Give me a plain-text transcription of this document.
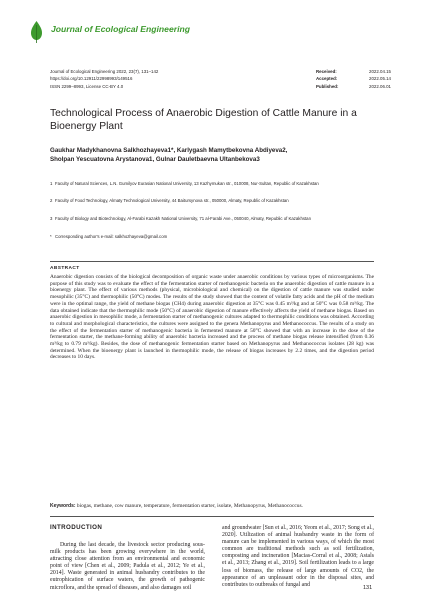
Journal of Ecological Engineering
Journal of Ecological Engineering 2022, 23(7), 131–142
https://doi.org/10.12911/22998993/149516
ISSN 2299–8993, License CC-BY 4.0
Received:	2022.04.15
Accepted:	2022.05.14
Published:	2022.06.01
Technological Process of Anaerobic Digestion of Cattle Manure in a Bioenergy Plant
Gaukhar Madykhanovna Salkhozhayeva1*, Karlygash Mamytbekovna Abdiyeva2,
Sholpan Yescuatovna Arystanova1, Gulnar Dauletbaevna Ultanbekova3
1 Faculty of Natural Sciences, L.N. Gumilyov Eurasian National University, 13 Kazhymukan str., 010008, Nur-Sultan, Republic of Kazakhstan
2 Faculty of Food Technology, Almaty Technological University, 44 Baitursynova str., 050000, Almaty, Republic of Kazakhstan
3 Faculty of Biology and Biotechnology, Al-Farabi Kazakh National University, 71 al-Farabi Ave., 050040, Almaty, Republic of Kazakhstan
* Corresponding author's e-mail: salkhozhayeva@gmail.com
ABSTRACT
Anaerobic digestion consists of the biological decomposition of organic waste under anaerobic conditions by various types of microorganisms. The purpose of this study was to evaluate the effect of the fermentation starter of methanogenic bacteria on the anaerobic digestion of cattle manure in a bioenergy plant. The effect of various methods (physical, microbiological and chemical) on the digestion of cattle manure was studied under mesophilic (35°C) and thermophilic (50°C) modes. The results of the study showed that the content of volatile fatty acids and the pH of the medium were in the optimal range, the yield of methane biogas (CH4) during anaerobic digestion at 35°C was 0.45 m³/kg and at 50°C was 0.58 m³/kg. The data obtained indicate that the thermophilic mode (50°C) of anaerobic digestion of manure effectively affects the yield of methane biogas. Based on anaerobic digestion in mesophilic mode, a fermentation starter of methanogenic cultures adapted to thermophilic conditions was obtained. According to cultural and morphological characteristics, the cultures were assigned to the genera Methanopyrus and Methanococcus. The results of a study on the effect of the fermentation starter of methanogenic bacteria in fermented manure at 50°C showed that with an increase in the dose of the fermentation starter, the methane-forming ability of anaerobic bacteria increased and the process of methane biogas release intensified (from 0.36 m³/kg to 0.79 m³/kg). Besides, the dose of methanogenic fermentation starter based on Methanopyrus and Methanococcus isolates (28 kg) was determined. When the bioenergy plant is launched in thermophilic mode, the release of biogas increases by 2.2 times, and the digestion period decreases to 10 days.
Keywords: biogas, methane, cow manure, temperature, fermentation starter, isolate, Methanopyrus, Methanococcus.
INTRODUCTION
During the last decade, the livestock sector producing sous-milk products has been growing everywhere in the world, attracting close attention from an environmental and economic point of view [Chen et al., 2009; Padula et al., 2012; Ye et al., 2014]. Waste generated in animal husbandry contributes to the eutrophication of surface waters, the growth of pathogenic microflora, and the spread of diseases, and also damages soil
and groundwater [Sun et al., 2016; Yeom et al., 2017; Song et al., 2020]. Utilization of animal husbandry waste in the form of manure can be implemented in various ways, of which the most common are traditional methods such as soil fertilization, composting and incineration [Macias-Corral et al., 2008; Astals et al., 2013; Zhang et al., 2019]. Soil fertilization leads to a large loss of biomass, the release of large amounts of CO2, the appearance of an unpleasant odor in the disposal sites, and contributes to outbreaks of fungal and
131
